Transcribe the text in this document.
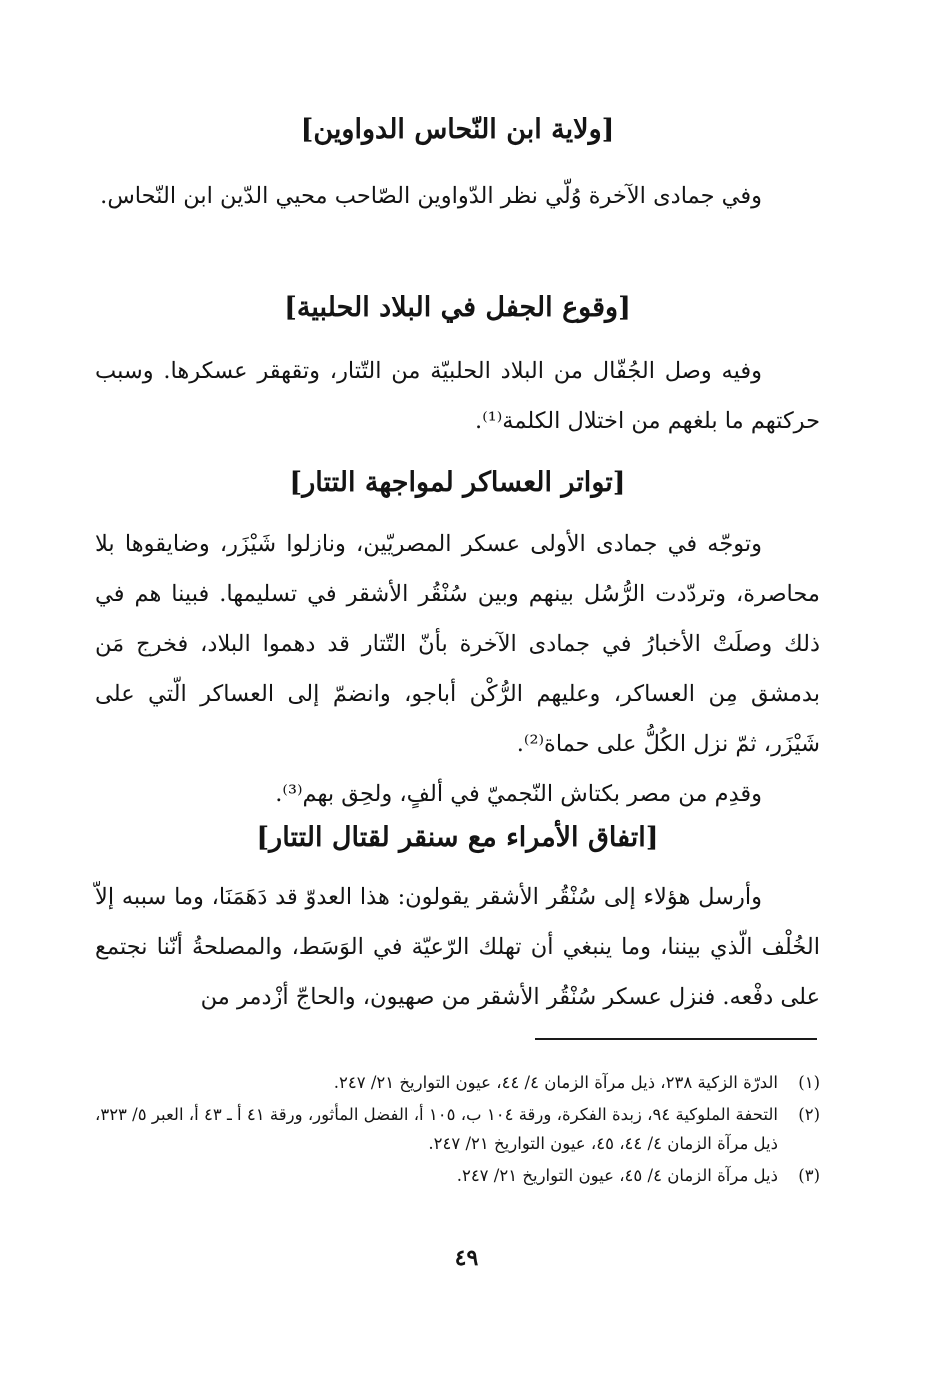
[ولاية ابن النّحاس الدواوين]

وفي جمادى الآخرة وُلّي نظر الدّواوين الصّاحب محيي الدّين ابن النّحاس.

[وقوع الجفل في البلاد الحلبية]

وفيه وصل الجُفّال من البلاد الحلبيّة من التّتار، وتقهقر عسكرها. وسبب حركتهم ما بلغهم من اختلال الكلمة⁽¹⁾.

[تواتر العساكر لمواجهة التتار]

وتوجّه في جمادى الأولى عسكر المصريّين، ونازلوا شَيْزَر، وضايقوها بلا محاصرة، وتردّدت الرُّسُل بينهم وبين سُنْقُر الأشقر في تسليمها. فبينا هم في ذلك وصلَتْ الأخبارُ في جمادى الآخرة بأنّ التّتار قد دهموا البلاد، فخرج مَن بدمشق مِن العساكر، وعليهم الرُّكْن أباجو، وانضمّ إلى العساكر الّتي على شَيْزَر، ثمّ نزل الكُلُّ على حماة⁽²⁾.

وقدِم من مصر بكتاش النّجميّ في ألفٍ، ولحِق بهم⁽³⁾.

[اتفاق الأمراء مع سنقر لقتال التتار]

وأرسل هؤلاء إلى سُنْقُر الأشقر يقولون: هذا العدوّ قد دَهَمَنَا، وما سببه إلاّ الخُلْف الّذي بيننا، وما ينبغي أن تهلك الرّعيّة في الوَسَط، والمصلحةُ أنّنا نجتمع على دفْعه. فنزل عسكر سُنْقُر الأشقر من صهيون، والحاجّ أزْدمر من

(١)
الدرّة الزكية ٢٣٨، ذيل مرآة الزمان ٤/ ٤٤، عيون التواريخ ٢١/ ٢٤٧.
(٢)
التحفة الملوكية ٩٤، زبدة الفكرة، ورقة ١٠٤ ب، ١٠٥ أ، الفضل المأثور، ورقة ٤١ أ ـ ٤٣ أ، العبر ٥/ ٣٢٣، ذيل مرآة الزمان ٤/ ٤٤، ٤٥، عيون التواريخ ٢١/ ٢٤٧.
(٣)
ذيل مرآة الزمان ٤/ ٤٥، عيون التواريخ ٢١/ ٢٤٧.
٤٩
